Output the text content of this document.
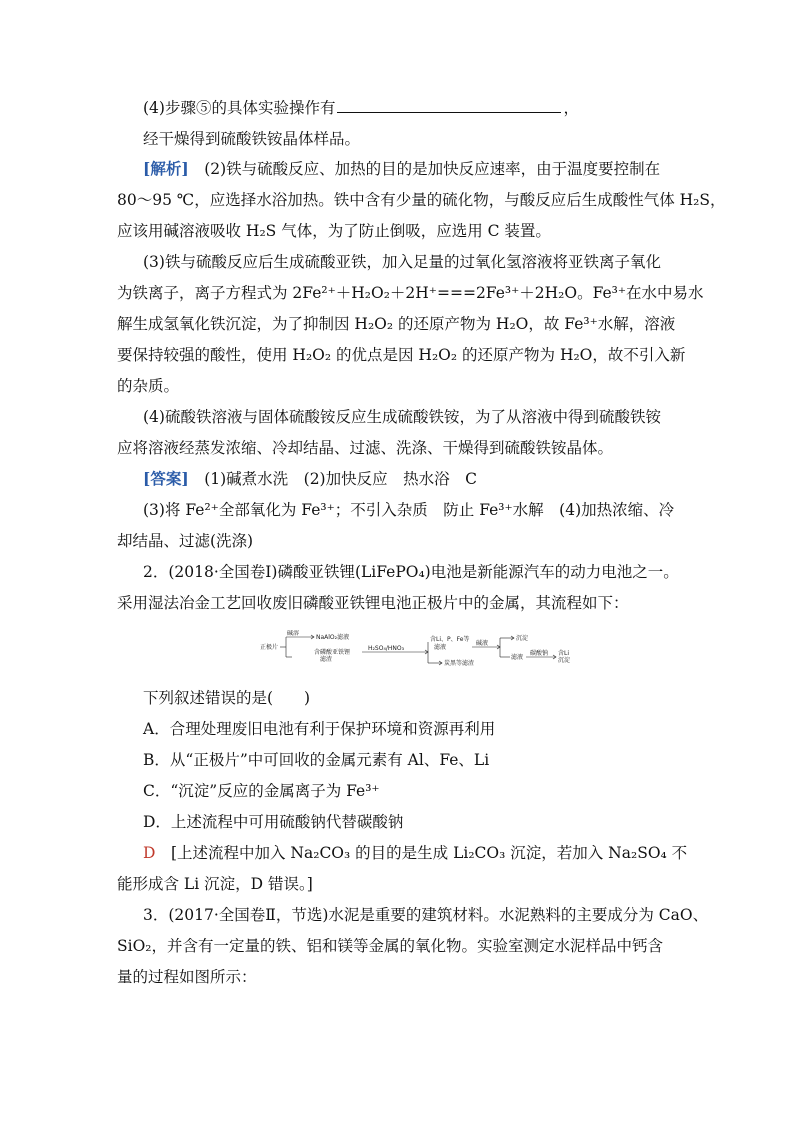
(4)步骤⑤的具体实验操作有	，
经干燥得到硫酸铁铵晶体样品。
[解析]　 (2)铁与硫酸反应、加热的目的是加快反应速率，由于温度要控制在
80～95 ℃，应选择水浴加热。铁中含有少量的硫化物，与酸反应后生成酸性气体 H₂S，
应该用碱溶液吸收 H₂S 气体，为了防止倒吸，应选用 C 装置。
(3)铁与硫酸反应后生成硫酸亚铁，加入足量的过氧化氢溶液将亚铁离子氧化
为铁离子，离子方程式为 2Fe²⁺＋H₂O₂＋2H⁺===2Fe³⁺＋2H₂O。Fe³⁺在水中易水
解生成氢氧化铁沉淀，为了抑制因 H₂O₂ 的还原产物为 H₂O，故 Fe³⁺水解，溶液
要保持较强的酸性，使用 H₂O₂ 的优点是因 H₂O₂ 的还原产物为 H₂O，故不引入新
的杂质。
(4)硫酸铁溶液与固体硫酸铵反应生成硫酸铁铵，为了从溶液中得到硫酸铁铵
应将溶液经蒸发浓缩、冷却结晶、过滤、洗涤、干燥得到硫酸铁铵晶体。
[答案]　 (1)碱煮水洗　(2)加快反应　热水浴　C
(3)将 Fe²⁺全部氧化为 Fe³⁺；不引入杂质　防止 Fe³⁺水解　(4)加热浓缩、冷
却结晶、过滤(洗涤)
2．(2018·全国卷Ⅰ)磷酸亚铁锂(LiFePO₄)电池是新能源汽车的动力电池之一。
采用湿法冶金工艺回收废旧磷酸亚铁锂电池正极片中的金属，其流程如下：
正极片
碱溶
NaAlO₂滤液
含磷酸亚铁锂
滤渣
H₂SO₄/HNO₃
含Li、P、Fe等
滤液
炭黑等滤渣
碱液
沉淀
滤液
碳酸钠 含Li
沉淀
下列叙述错误的是(　　)
A．合理处理废旧电池有利于保护环境和资源再利用
B．从“正极片”中可回收的金属元素有 Al、Fe、Li
C．“沉淀”反应的金属离子为 Fe³⁺
D．上述流程中可用硫酸钠代替碳酸钠
D　 [上述流程中加入 Na₂CO₃ 的目的是生成 Li₂CO₃ 沉淀，若加入 Na₂SO₄ 不
能形成含 Li 沉淀，D 错误。]
3．(2017·全国卷Ⅱ，节选)水泥是重要的建筑材料。水泥熟料的主要成分为 CaO、
SiO₂，并含有一定量的铁、铝和镁等金属的氧化物。实验室测定水泥样品中钙含
量的过程如图所示：
